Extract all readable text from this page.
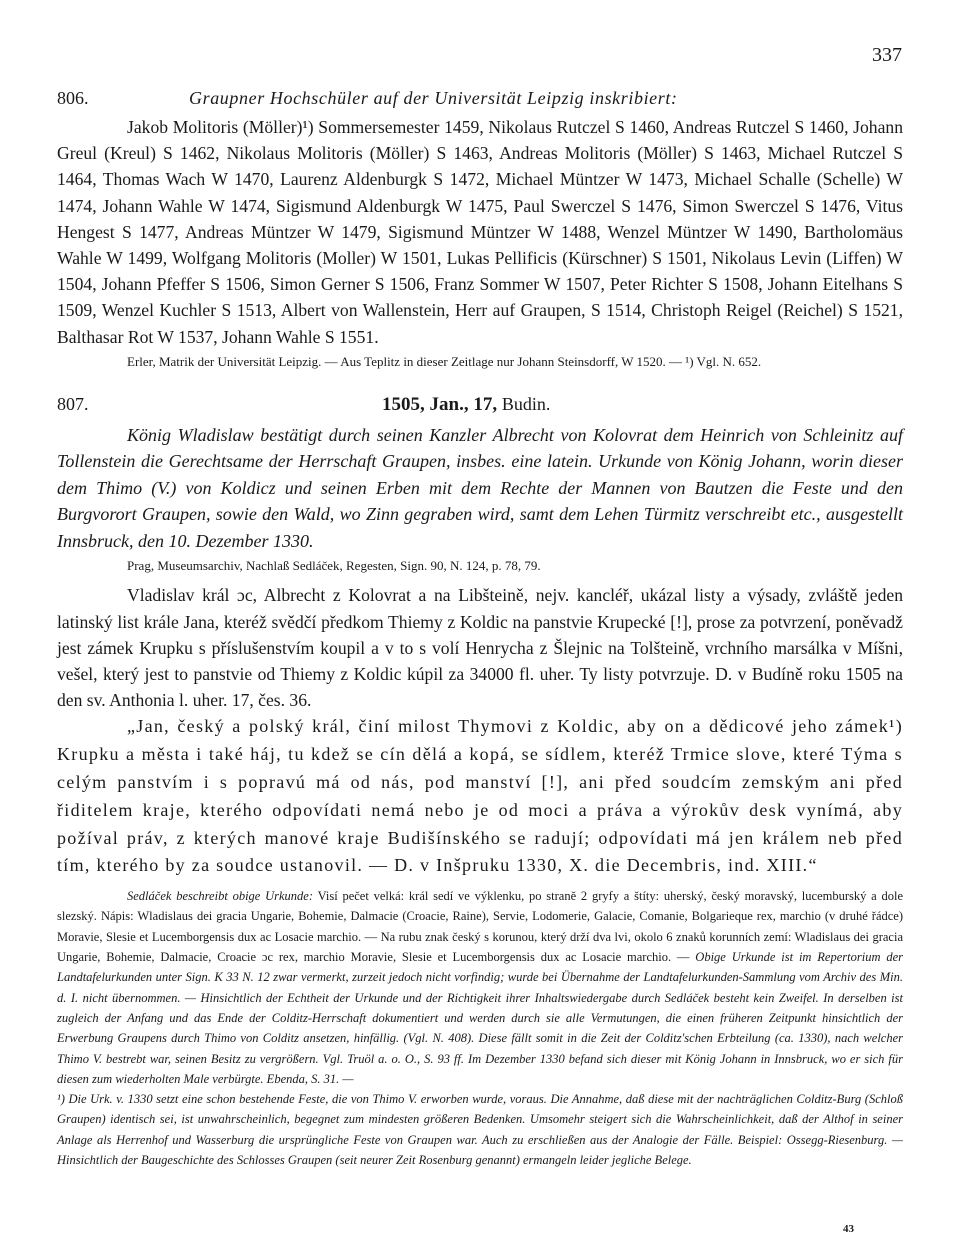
337
806.	Graupner Hochschüler auf der Universität Leipzig inskribiert:

Jakob Molitoris (Möller)¹) Sommersemester 1459, Nikolaus Rutczel S 1460, Andreas Rutczel S 1460, Johann Greul (Kreul) S 1462, Nikolaus Molitoris (Möller) S 1463, Andreas Molitoris (Möller) S 1463, Michael Rutczel S 1464, Thomas Wach W 1470, Laurenz Aldenburgk S 1472, Michael Müntzer W 1473, Michael Schalle (Schelle) W 1474, Johann Wahle W 1474, Sigismund Aldenburgk W 1475, Paul Swerczel S 1476, Simon Swerczel S 1476, Vitus Hengest S 1477, Andreas Müntzer W 1479, Sigismund Müntzer W 1488, Wenzel Müntzer W 1490, Bartholomäus Wahle W 1499, Wolfgang Molitoris (Moller) W 1501, Lukas Pellificis (Kürschner) S 1501, Nikolaus Levin (Liffen) W 1504, Johann Pfeffer S 1506, Simon Gerner S 1506, Franz Sommer W 1507, Peter Richter S 1508, Johann Eitelhans S 1509, Wenzel Kuchler S 1513, Albert von Wallenstein, Herr auf Graupen, S 1514, Christoph Reigel (Reichel) S 1521, Balthasar Rot W 1537, Johann Wahle S 1551.

Erler, Matrik der Universität Leipzig. — Aus Teplitz in dieser Zeitlage nur Johann Steinsdorff, W 1520. — ¹) Vgl. N. 652.

807.	1505, Jan., 17, Budin.

König Wladislaw bestätigt durch seinen Kanzler Albrecht von Kolovrat dem Heinrich von Schleinitz auf Tollenstein die Gerechtsame der Herrschaft Graupen, insbes. eine latein. Urkunde von König Johann, worin dieser dem Thimo (V.) von Koldicz und seinen Erben mit dem Rechte der Mannen von Bautzen die Feste und den Burgvorort Graupen, sowie den Wald, wo Zinn gegraben wird, samt dem Lehen Türmitz verschreibt etc., ausgestellt Innsbruck, den 10. Dezember 1330.

Prag, Museumsarchiv, Nachlaß Sedláček, Regesten, Sign. 90, N. 124, p. 78, 79.

Vladislav král ɔc, Albrecht z Kolovrat a na Libšteině, nejv. kancléř, ukázal listy a výsady, zvláště jeden latinský list krále Jana, kteréž svědčí předkom Thiemy z Koldic na panstvie Krupecké [!], prose za potvrzení, poněvadž jest zámek Krupku s příslušenstvím koupil a v to s volí Henrycha z Šlejnic na Tolšteině, vrchního marsálka v Míšni, vešel, který jest to panstvie od Thiemy z Koldic kúpil za 34000 fl. uher. Ty listy potvrzuje. D. v Budíně roku 1505 na den sv. Anthonia l. uher. 17, čes. 36.

„Jan, český a polský král, činí milost Thymovi z Koldic, aby on a dědicové jeho zámek¹) Krupku a města i také háj, tu kdež se cín dělá a kopá, se sídlem, kteréž Trmice slove, které Týma s celým panstvím i s popravú má od nás, pod manství [!], ani před soudcím zemským ani před řiditelem kraje, kterého odpovídati nemá nebo je od moci a práva a výrokův desk vynímá, aby požíval práv, z kterých manové kraje Budišínského se radují; odpovídati má jen králem neb před tím, kterého by za soudce ustanovil. — D. v Inšpruku 1330, X. die Decembris, ind. XIII.“

Sedláček beschreibt obige Urkunde: Visí pečet velká: král sedí ve výklenku, po straně 2 gryfy a štíty: uherský, český moravský, lucemburský a dole slezský. Nápis: Wladislaus dei gracia Ungarie, Bohemie, Dalmacie (Croacie, Raine), Servie, Lodomerie, Galacie, Comanie, Bolgarieque rex, marchio (v druhé řádce) Moravie, Slesie et Lucemborgensis dux ac Losacie marchio. — Na rubu znak český s korunou, který drží dva lvi, okolo 6 znaků korunních zemí: Wladislaus dei gracia Ungarie, Bohemie, Dalmacie, Croacie ɔc rex, marchio Moravie, Slesie et Lucemborgensis dux ac Losacie marchio. — Obige Urkunde ist im Repertorium der Landtafelurkunden unter Sign. K 33 N. 12 zwar vermerkt, zurzeit jedoch nicht vorfindig; wurde bei Übernahme der Landtafelurkunden-Sammlung vom Archiv des Min. d. I. nicht übernommen. — Hinsichtlich der Echtheit der Urkunde und der Richtigkeit ihrer Inhaltswiedergabe durch Sedláček besteht kein Zweifel. In derselben ist zugleich der Anfang und das Ende der Colditz-Herrschaft dokumentiert und werden durch sie alle Vermutungen, die einen früheren Zeitpunkt hinsichtlich der Erwerbung Graupens durch Thimo von Colditz ansetzen, hinfällig. (Vgl. N. 408). Diese fällt somit in die Zeit der Colditz'schen Erbteilung (ca. 1330), nach welcher Thimo V. bestrebt war, seinen Besitz zu vergrößern. Vgl. Truöl a. o. O., S. 93 ff. Im Dezember 1330 befand sich dieser mit König Johann in Innsbruck, wo er sich für diesen zum wiederholten Male verbürgte. Ebenda, S. 31. —

¹) Die Urk. v. 1330 setzt eine schon bestehende Feste, die von Thimo V. erworben wurde, voraus. Die Annahme, daß diese mit der nachträglichen Colditz-Burg (Schloß Graupen) identisch sei, ist unwahrscheinlich, begegnet zum mindesten größeren Bedenken. Umsomehr steigert sich die Wahrscheinlichkeit, daß der Althof in seiner Anlage als Herrenhof und Wasserburg die ursprüngliche Feste von Graupen war. Auch zu erschließen aus der Analogie der Fälle. Beispiel: Ossegg-Riesenburg. — Hinsichtlich der Baugeschichte des Schlosses Graupen (seit neurer Zeit Rosenburg genannt) ermangeln leider jegliche Belege.

43
